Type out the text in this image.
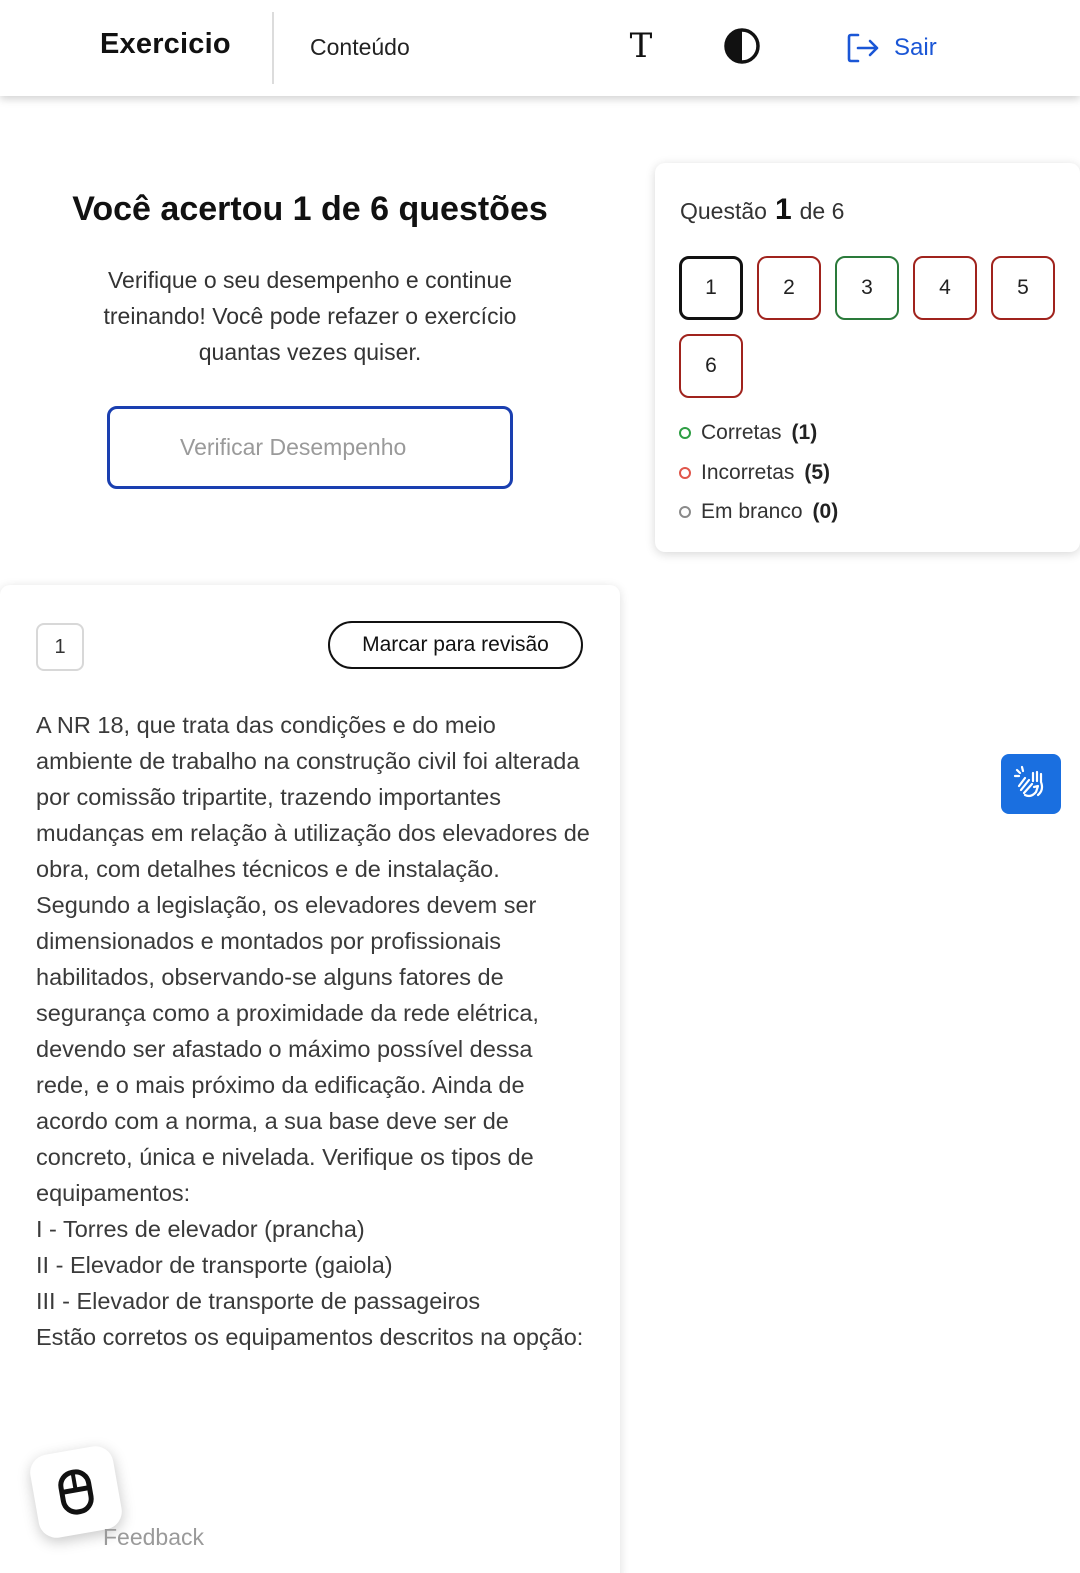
Exercicio	Conteúdo	T	Sair
Você acertou 1 de 6 questões

Verifique o seu desempenho e continue treinando! Você pode refazer o exercício quantas vezes quiser.

Verificar Desempenho
Questão 1 de 6
1	2	3	4	5
6
Corretas (1)
Incorretas (5)
Em branco (0)
1	Marcar para revisão

A NR 18, que trata das condições e do meio ambiente de trabalho na construção civil foi alterada por comissão tripartite, trazendo importantes mudanças em relação à utilização dos elevadores de obra, com detalhes técnicos e de instalação. Segundo a legislação, os elevadores devem ser dimensionados e montados por profissionais habilitados, observando-se alguns fatores de segurança como a proximidade da rede elétrica, devendo ser afastado o máximo possível dessa rede, e o mais próximo da edificação. Ainda de acordo com a norma, a sua base deve ser de concreto, única e nivelada. Verifique os tipos de equipamentos:

I - Torres de elevador (prancha)

II - Elevador de transporte (gaiola)

III - Elevador de transporte de passageiros

Estão corretos os equipamentos descritos na opção:

Feedback
